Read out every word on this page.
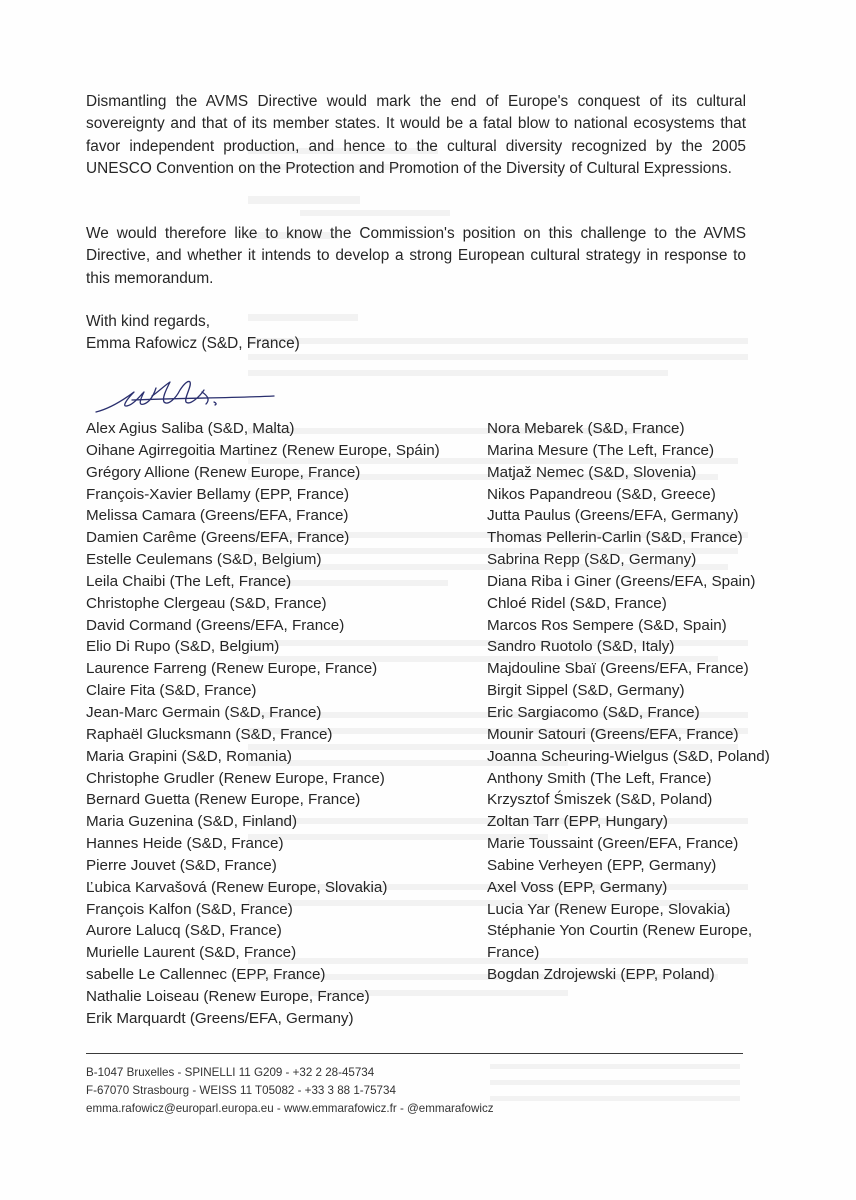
Dismantling the AVMS Directive would mark the end of Europe's conquest of its cultural sovereignty and that of its member states. It would be a fatal blow to national ecosystems that favor independent production, and hence to the cultural diversity recognized by the 2005 UNESCO Convention on the Protection and Promotion of the Diversity of Cultural Expressions.

We would therefore like to know the Commission's position on this challenge to the AVMS Directive, and whether it intends to develop a strong European cultural strategy in response to this memorandum.

With kind regards,
Emma Rafowicz (S&D, France)
Alex Agius Saliba (S&D, Malta)
Oihane Agirregoitia Martinez (Renew Europe, Spáin)
Grégory Allione (Renew Europe, France)
François-Xavier Bellamy (EPP, France)
Melissa Camara (Greens/EFA, France)
Damien Carême (Greens/EFA, France)
Estelle Ceulemans (S&D, Belgium)
Leila Chaibi (The Left, France)
Christophe Clergeau (S&D, France)
David Cormand (Greens/EFA, France)
Elio Di Rupo (S&D, Belgium)
Laurence Farreng (Renew Europe, France)
Claire Fita (S&D, France)
Jean-Marc Germain (S&D, France)
Raphaël Glucksmann (S&D, France)
Maria Grapini (S&D, Romania)
Christophe Grudler (Renew Europe, France)
Bernard Guetta (Renew Europe, France)
Maria Guzenina (S&D, Finland)
Hannes Heide (S&D, France)
Pierre Jouvet (S&D, France)
Ľubica Karvašová (Renew Europe, Slovakia)
François Kalfon (S&D, France)
Aurore Lalucq (S&D, France)
Murielle Laurent (S&D, France)
sabelle Le Callennec (EPP, France)
Nathalie Loiseau (Renew Europe, France)
Erik Marquardt (Greens/EFA, Germany)
Nora Mebarek (S&D, France)
Marina Mesure (The Left, France)
Matjaž Nemec (S&D, Slovenia)
Nikos Papandreou (S&D, Greece)
Jutta Paulus (Greens/EFA, Germany)
Thomas Pellerin-Carlin (S&D, France)
Sabrina Repp (S&D, Germany)
Diana Riba i Giner (Greens/EFA, Spain)
Chloé Ridel (S&D, France)
Marcos Ros Sempere (S&D, Spain)
Sandro Ruotolo (S&D, Italy)
Majdouline Sbaï (Greens/EFA, France)
Birgit Sippel (S&D, Germany)
Eric Sargiacomo (S&D, France)
Mounir Satouri (Greens/EFA, France)
Joanna Scheuring-Wielgus (S&D, Poland)
Anthony Smith (The Left, France)
Krzysztof Śmiszek (S&D, Poland)
Zoltan Tarr (EPP, Hungary)
Marie Toussaint (Green/EFA, France)
Sabine Verheyen (EPP, Germany)
Axel Voss (EPP, Germany)
Lucia Yar (Renew Europe, Slovakia)
Stéphanie Yon Courtin (Renew Europe, France)
Bogdan Zdrojewski (EPP, Poland)
B-1047 Bruxelles - SPINELLI 11 G209 - +32 2 28-45734
F-67070 Strasbourg - WEISS 11 T05082 - +33 3 88 1-75734
emma.rafowicz@europarl.europa.eu - www.emmarafowicz.fr - @emmarafowicz
